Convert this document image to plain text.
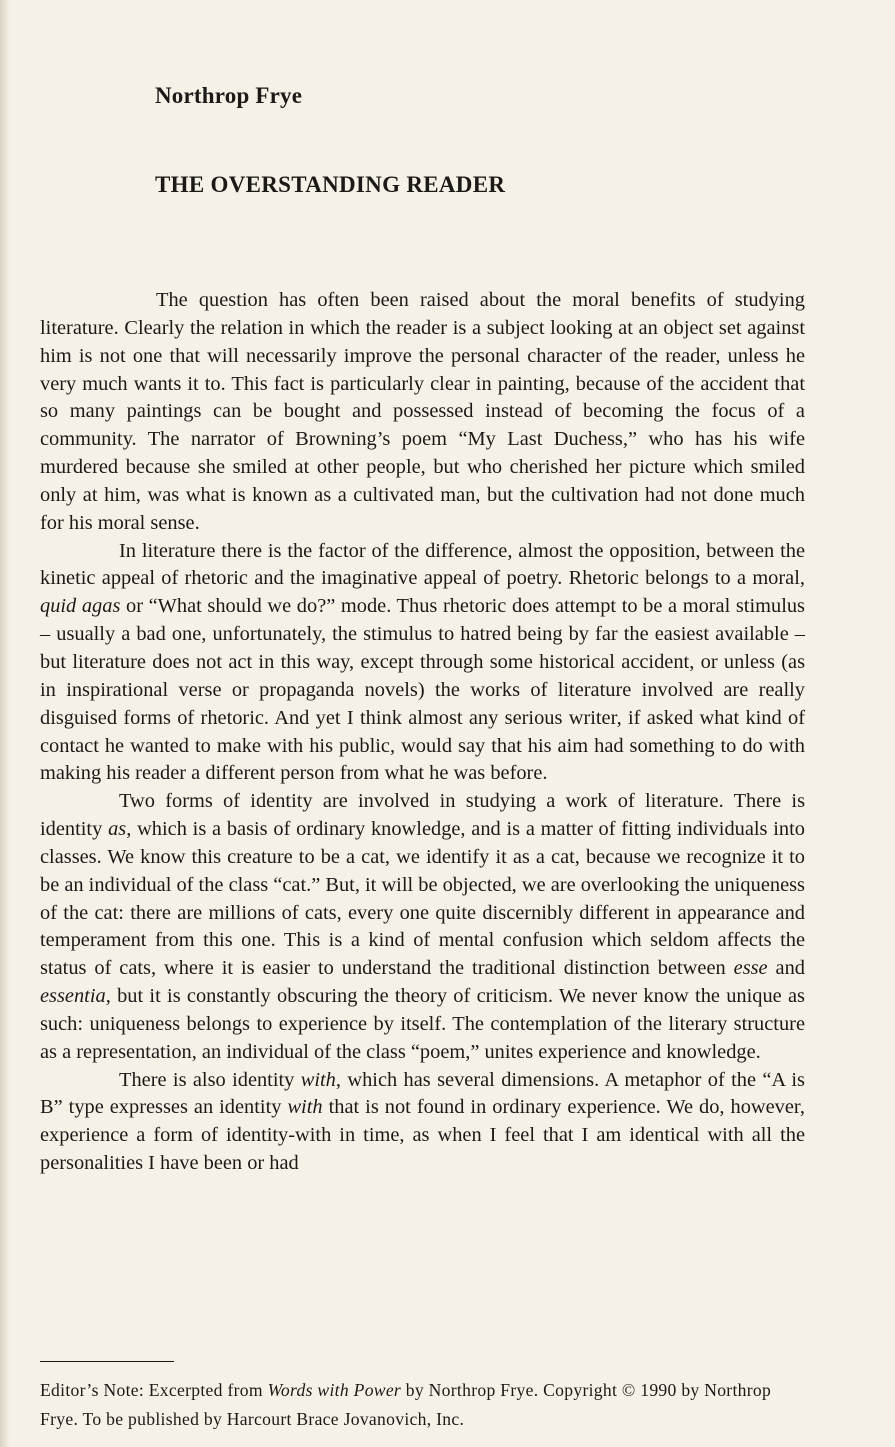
Northrop Frye
THE OVERSTANDING READER

The question has often been raised about the moral benefits of studying literature. Clearly the relation in which the reader is a subject looking at an object set against him is not one that will necessarily improve the personal character of the reader, unless he very much wants it to. This fact is particularly clear in painting, because of the accident that so many paintings can be bought and possessed instead of becoming the focus of a community. The narrator of Browning’s poem “My Last Duchess,” who has his wife murdered because she smiled at other people, but who cherished her picture which smiled only at him, was what is known as a cultivated man, but the cultivation had not done much for his moral sense.

In literature there is the factor of the difference, almost the opposition, between the kinetic appeal of rhetoric and the imaginative appeal of poetry. Rhetoric belongs to a moral, quid agas or “What should we do?” mode. Thus rhetoric does attempt to be a moral stimulus – usually a bad one, unfortunately, the stimulus to hatred being by far the easiest available – but literature does not act in this way, except through some historical accident, or unless (as in inspirational verse or propaganda novels) the works of literature involved are really disguised forms of rhetoric. And yet I think almost any serious writer, if asked what kind of contact he wanted to make with his public, would say that his aim had something to do with making his reader a different person from what he was before.

Two forms of identity are involved in studying a work of literature. There is identity as, which is a basis of ordinary knowledge, and is a matter of fitting individuals into classes. We know this creature to be a cat, we identify it as a cat, because we recognize it to be an individual of the class “cat.” But, it will be objected, we are overlooking the uniqueness of the cat: there are millions of cats, every one quite discernibly different in appearance and temperament from this one. This is a kind of mental confusion which seldom affects the status of cats, where it is easier to understand the traditional distinction between esse and essentia, but it is constantly obscuring the theory of criticism. We never know the unique as such: uniqueness belongs to experience by itself. The contemplation of the literary structure as a representation, an individual of the class “poem,” unites experience and knowledge.

There is also identity with, which has several dimensions. A metaphor of the “A is B” type expresses an identity with that is not found in ordinary experience. We do, however, experience a form of identity-with in time, as when I feel that I am identical with all the personalities I have been or had

Editor’s Note: Excerpted from Words with Power by Northrop Frye. Copyright © 1990 by Northrop Frye. To be published by Harcourt Brace Jovanovich, Inc.
